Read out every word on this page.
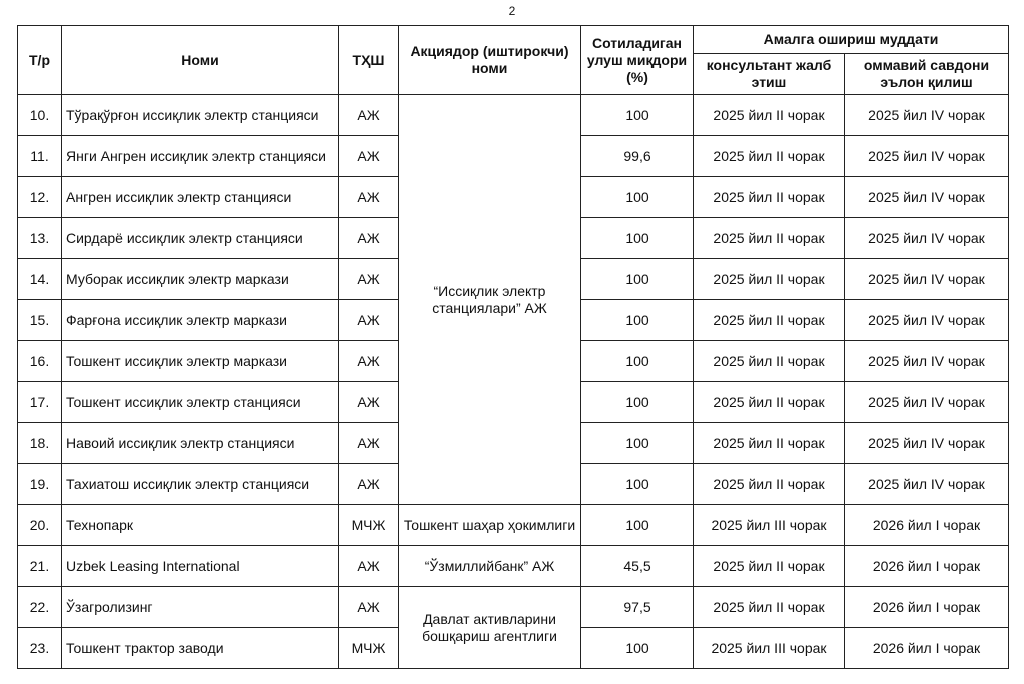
2
Т/р	Номи	ТҲШ	Акциядор (иштирокчи) номи	Сотиладиган улуш миқдори (%)	Амалга ошириш муддати	
					консультант жалб этиш	оммавий савдони эълон қилиш
10.	Тўрақўрғон иссиқлик электр станцияси	АЖ	“Иссиқлик электр станциялари” АЖ	100	2025 йил II чорак	2025 йил IV чорак
11.	Янги Ангрен иссиқлик электр станцияси	АЖ		99,6	2025 йил II чорак	2025 йил IV чорак
12.	Ангрен иссиқлик электр станцияси	АЖ		100	2025 йил II чорак	2025 йил IV чорак
13.	Сирдарё иссиқлик электр станцияси	АЖ		100	2025 йил II чорак	2025 йил IV чорак
14.	Муборак иссиқлик электр маркази	АЖ		100	2025 йил II чорак	2025 йил IV чорак
15.	Фарғона иссиқлик электр маркази	АЖ		100	2025 йил II чорак	2025 йил IV чорак
16.	Тошкент иссиқлик электр маркази	АЖ		100	2025 йил II чорак	2025 йил IV чорак
17.	Тошкент иссиқлик электр станцияси	АЖ		100	2025 йил II чорак	2025 йил IV чорак
18.	Навоий иссиқлик электр станцияси	АЖ		100	2025 йил II чорак	2025 йил IV чорак
19.	Тахиатош иссиқлик электр станцияси	АЖ		100	2025 йил II чорак	2025 йил IV чорак
20.	Технопарк	МЧЖ	Тошкент шаҳар ҳокимлиги	100	2025 йил III чорак	2026 йил I чорак
21.	Uzbek Leasing International	АЖ	“Ўзмиллийбанк” АЖ	45,5	2025 йил II чорак	2026 йил I чорак
22.	Ўзагролизинг	АЖ	Давлат активларини бошқариш агентлиги	97,5	2025 йил II чорак	2026 йил I чорак
23.	Тошкент трактор заводи	МЧЖ		100	2025 йил III чорак	2026 йил I чорак
